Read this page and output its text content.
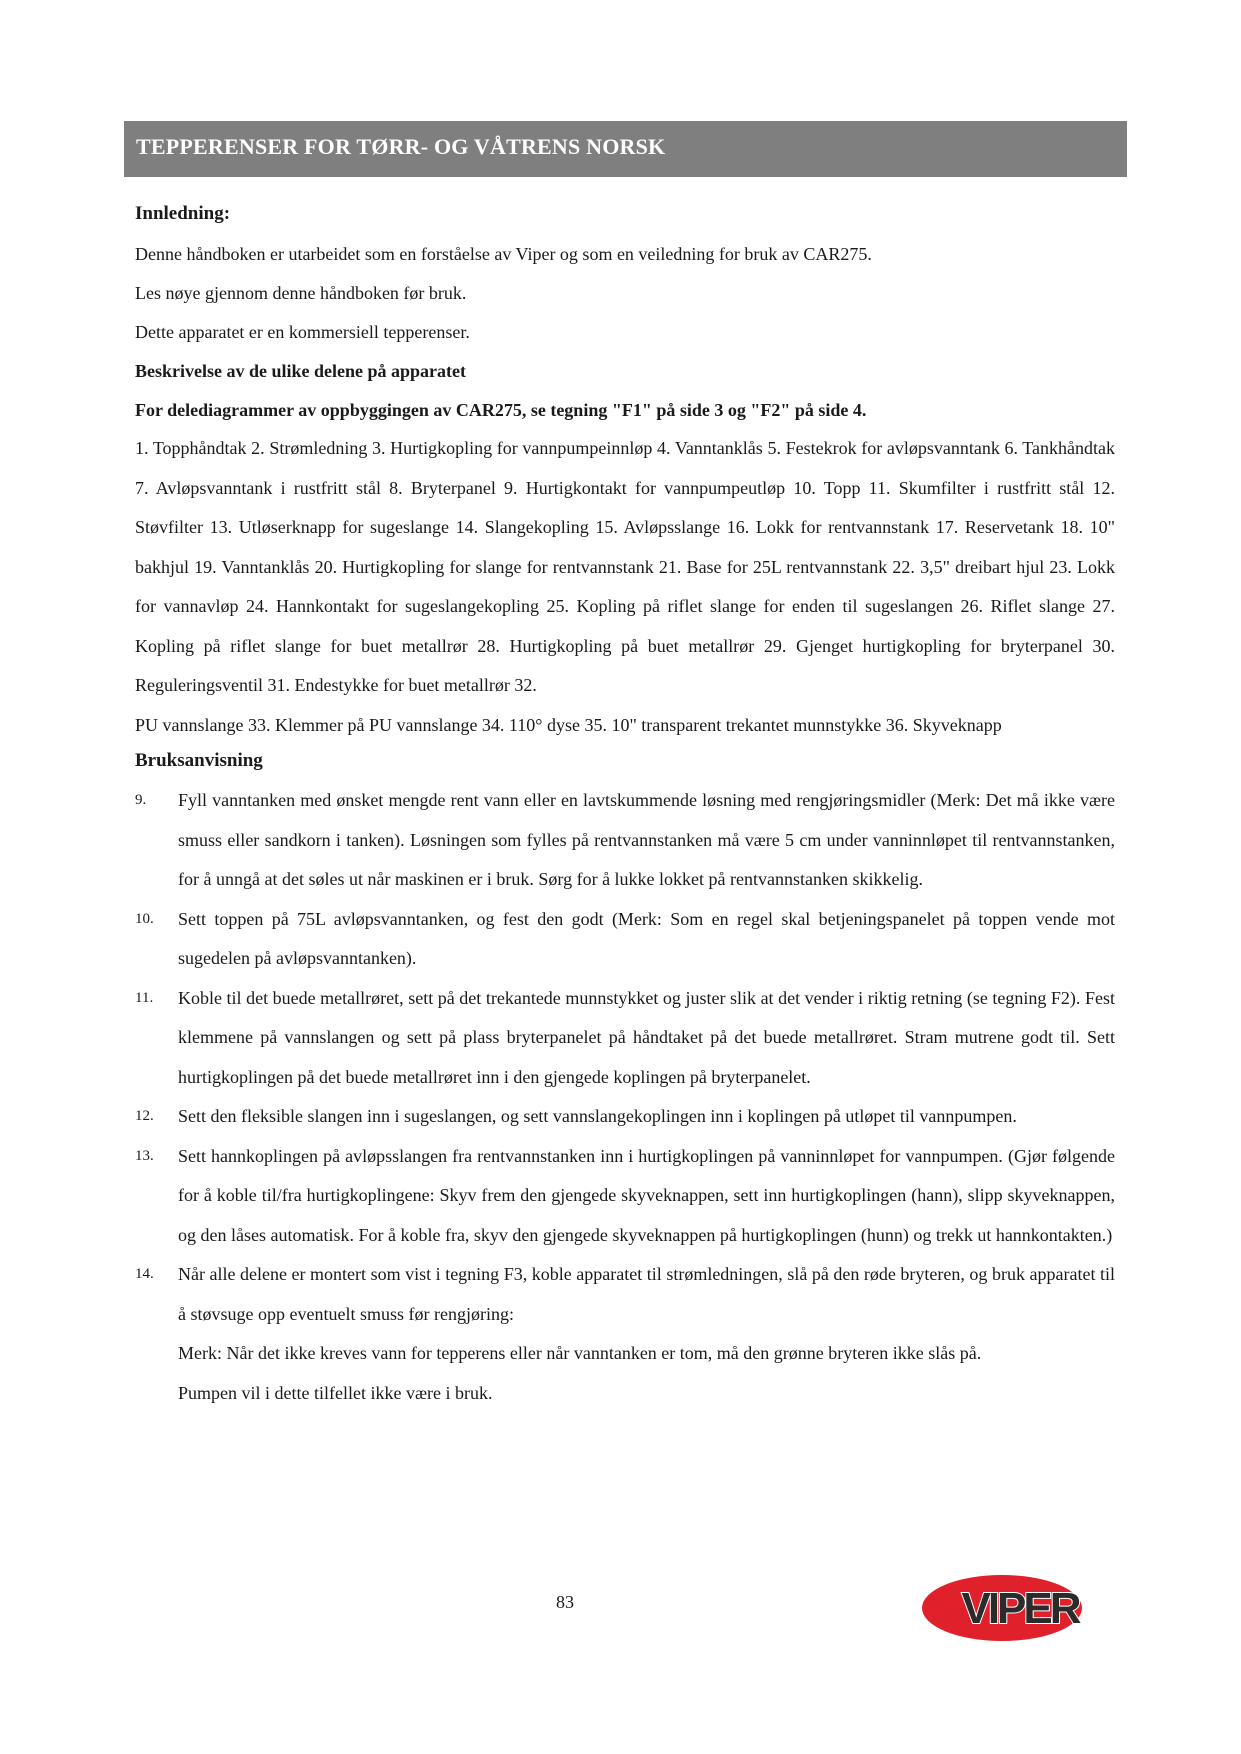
TEPPERENSER FOR TØRR- OG VÅTRENS NORSK

Innledning:

Denne håndboken er utarbeidet som en forståelse av Viper og som en veiledning for bruk av CAR275.

Les nøye gjennom denne håndboken før bruk.

Dette apparatet er en kommersiell tepperenser.

Beskrivelse av de ulike delene på apparatet

For delediagrammer av oppbyggingen av CAR275, se tegning "F1" på side 3 og "F2" på side 4.

1. Topphåndtak 2. Strømledning 3. Hurtigkopling for vannpumpeinnløp 4. Vanntanklås 5. Festekrok for avløpsvanntank 6. Tankhåndtak 7. Avløpsvanntank i rustfritt stål 8. Bryterpanel 9. Hurtigkontakt for vannpumpeutløp 10. Topp 11. Skumfilter i rustfritt stål 12. Støvfilter 13. Utløserknapp for sugeslange 14. Slangekopling 15. Avløpsslange 16. Lokk for rentvannstank 17. Reservetank 18. 10" bakhjul 19. Vanntanklås 20. Hurtigkopling for slange for rentvannstank 21. Base for 25L rentvannstank 22. 3,5" dreibart hjul 23. Lokk for vannavløp 24. Hannkontakt for sugeslangekopling 25. Kopling på riflet slange for enden til sugeslangen 26. Riflet slange 27. Kopling på riflet slange for buet metallrør 28. Hurtigkopling på buet metallrør 29. Gjenget hurtigkopling for bryterpanel 30. Reguleringsventil 31. Endestykke for buet metallrør 32.

PU vannslange 33. Klemmer på PU vannslange 34. 110° dyse 35. 10" transparent trekantet munnstykke 36. Skyveknapp

Bruksanvisning

9.	Fyll vanntanken med ønsket mengde rent vann eller en lavtskummende løsning med rengjøringsmidler (Merk: Det må ikke være smuss eller sandkorn i tanken). Løsningen som fylles på rentvannstanken må være 5 cm under vanninnløpet til rentvannstanken, for å unngå at det søles ut når maskinen er i bruk. Sørg for å lukke lokket på rentvannstanken skikkelig.
10.	Sett toppen på 75L avløpsvanntanken, og fest den godt (Merk: Som en regel skal betjeningspanelet på toppen vende mot sugedelen på avløpsvanntanken).
11.	Koble til det buede metallrøret, sett på det trekantede munnstykket og juster slik at det vender i riktig retning (se tegning F2). Fest klemmene på vannslangen og sett på plass bryterpanelet på håndtaket på det buede metallrøret. Stram mutrene godt til. Sett hurtigkoplingen på det buede metallrøret inn i den gjengede koplingen på bryterpanelet.
12.	Sett den fleksible slangen inn i sugeslangen, og sett vannslangekoplingen inn i koplingen på utløpet til vannpumpen.
13.	Sett hannkoplingen på avløpsslangen fra rentvannstanken inn i hurtigkoplingen på vanninnløpet for vannpumpen. (Gjør følgende for å koble til/fra hurtigkoplingene: Skyv frem den gjengede skyveknappen, sett inn hurtigkoplingen (hann), slipp skyveknappen, og den låses automatisk. For å koble fra, skyv den gjengede skyveknappen på hurtigkoplingen (hunn) og trekk ut hannkontakten.)
14.	Når alle delene er montert som vist i tegning F3, koble apparatet til strømledningen, slå på den røde bryteren, og bruk apparatet til å støvsuge opp eventuelt smuss før rengjøring:
Merk: Når det ikke kreves vann for tepperens eller når vanntanken er tom, må den grønne bryteren ikke slås på.
Pumpen vil i dette tilfellet ikke være i bruk.
83	VIPER
